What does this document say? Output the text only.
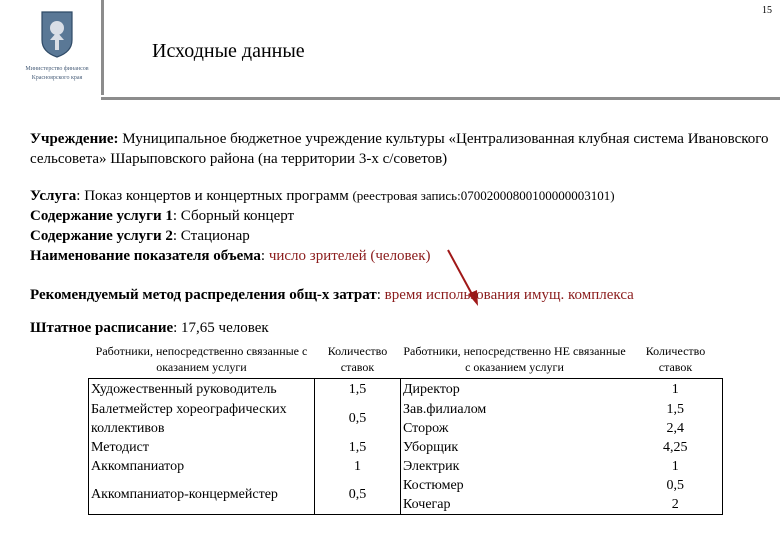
Министерство финансов
Красноярского края
15
Исходные данные
Учреждение: Муниципальное бюджетное учреждение культуры «Централизованная клубная система Ивановского сельсовета» Шарыповского района (на территории 3-х с/советов)
Услуга: Показ концертов и концертных программ (реестровая запись:07002000800100000003101)
Содержание услуги 1: Сборный концерт
Содержание услуги 2: Стационар
Наименование показателя объема: число зрителей (человек)
Рекомендуемый метод распределения общ-х затрат: время использования имущ. комплекса
Штатное расписание: 17,65 человек
Работники, непосредственно связанные с оказанием услуги	Количество ставок	Работники, непосредственно НЕ связанные с оказанием услуги	Количество ставок
Художественный руководитель	1,5	Директор	1
Балетмейстер хореографических коллективов	0,5	Зав.филиалом	1,5
		Сторож	2,4
Методист	1,5	Уборщик	4,25
Аккомпаниатор	1	Электрик	1
Аккомпаниатор-концермейстер	0,5	Костюмер	0,5
		Кочегар	2
